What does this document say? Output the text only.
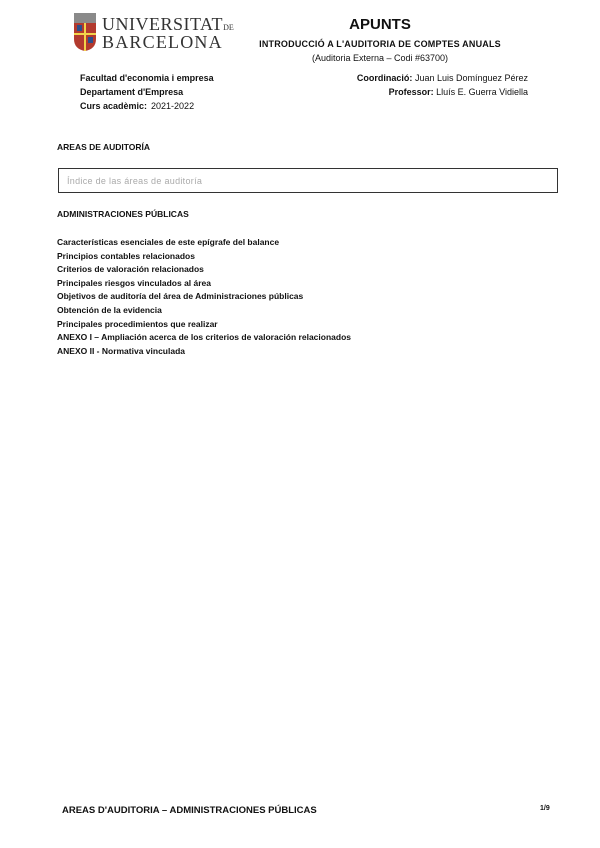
UNIVERSITATDE
BARCELONA
APUNTS
INTRODUCCIÓ A L'AUDITORIA DE COMPTES ANUALS
(Auditoria Externa – Codi #63700)
Facultad d'economia i empresa
Departament d'Empresa
Curs acadèmic: 2021-2022
Coordinació: Juan Luis Domínguez Pérez
Professor: Lluís E. Guerra Vidiella
AREAS DE AUDITORÍA
Índice de las áreas de auditoría
ADMINISTRACIONES PÚBLICAS
Características esenciales de este epígrafe del balance
Principios contables relacionados
Criterios de valoración relacionados
Principales riesgos vinculados al área
Objetivos de auditoría del área de Administraciones públicas
Obtención de la evidencia
Principales procedimientos que realizar
ANEXO I – Ampliación acerca de los criterios de valoración relacionados
ANEXO II - Normativa vinculada
AREAS D'AUDITORIA – ADMINISTRACIONES PÚBLICAS	1/9
